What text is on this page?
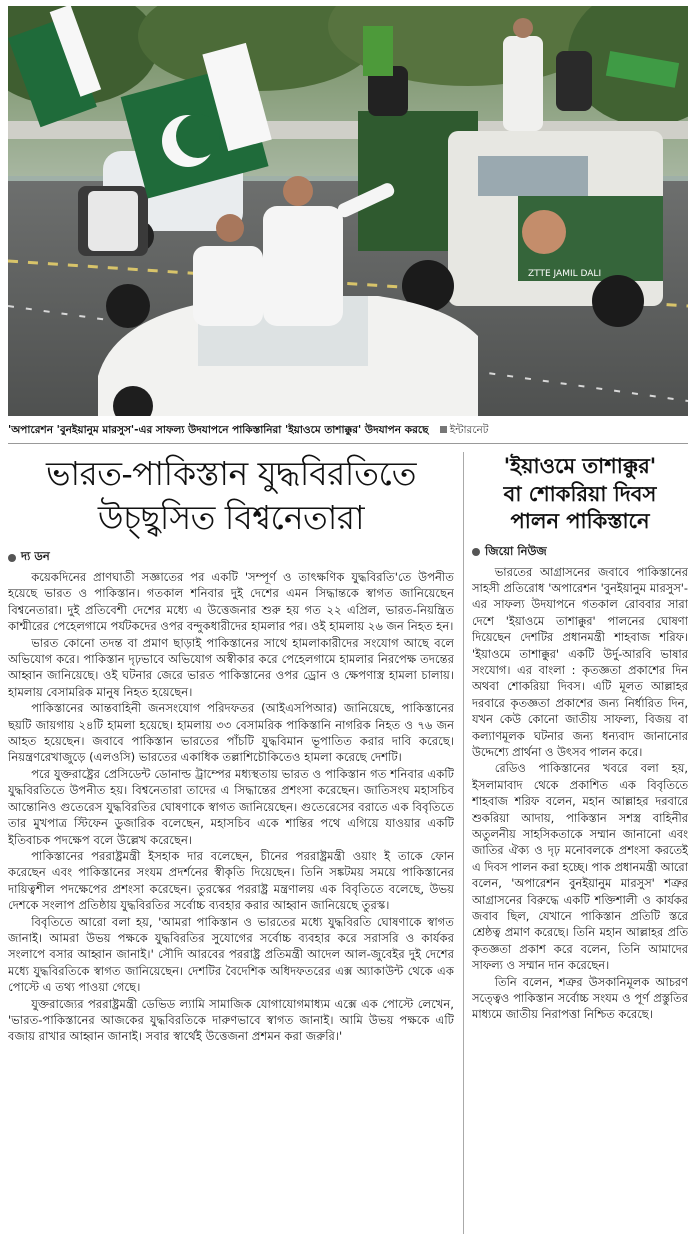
ZTTE JAMIL DALI
'অপারেশন 'বুনইয়ানুম মারসুস'-এর সাফল্য উদযাপনে পাকিস্তানিরা 'ইয়াওমে তাশাক্কুর' উদযাপন করছে ইন্টারনেট
ভারত-পাকিস্তান যুদ্ধবিরতিতে
উচ্ছ্বসিত বিশ্বনেতারা
দ্য ডন

কয়েকদিনের প্রাণঘাতী সজ্ঞাতের পর একটি 'সম্পূর্ণ ও তাৎক্ষণিক যুদ্ধবিরতি'তে উপনীত হয়েছে ভারত ও পাকিস্তান। গতকাল শনিবার দুই দেশের এমন সিদ্ধান্তকে স্বাগত জানিয়েছেন বিশ্বনেতারা। দুই প্রতিবেশী দেশের মধ্যে এ উত্তেজনার শুরু হয় গত ২২ এপ্রিল, ভারত-নিয়ন্ত্রিত কাশ্মীরের পেহেলগামে পর্যটকদের ওপর বন্দুকধারীদের হামলার পর। ওই হামলায় ২৬ জন নিহত হন।

ভারত কোনো তদন্ত বা প্রমাণ ছাড়াই পাকিস্তানের সাথে হামলাকারীদের সংযোগ আছে বলে অভিযোগ করে। পাকিস্তান দৃঢ়ভাবে অভিযোগ অস্বীকার করে পেহেলগামে হামলার নিরপেক্ষ তদন্তের আহ্বান জানিয়েছে। ওই ঘটনার জেরে ভারত পাকিস্তানের ওপর ড্রোন ও ক্ষেপণাস্ত্র হামলা চালায়। হামলায় বেসামরিক মানুষ নিহত হয়েছেন।

পাকিস্তানের আন্তবাহিনী জনসংযোগ পরিদফতর (আইএসপিআর) জানিয়েছে, পাকিস্তানের ছয়টি জায়গায় ২৪টি হামলা হয়েছে। হামলায় ৩৩ বেসামরিক পাকিস্তানি নাগরিক নিহত ও ৭৬ জন আহত হয়েছেন। জবাবে পাকিস্তান ভারতের পাঁচটি যুদ্ধবিমান ভূপাতিত করার দাবি করেছে। নিয়ন্ত্রণরেখাজুড়ে (এলওসি) ভারতের একাধিক তল্লাশিচৌকিতেও হামলা করেছে দেশটি।

পরে যুক্তরাষ্ট্রের প্রেসিডেন্ট ডোনাল্ড ট্রাম্পের মধ্যস্থতায় ভারত ও পাকিস্তান গত শনিবার একটি যুদ্ধবিরতিতে উপনীত হয়। বিশ্বনেতারা তাদের এ সিদ্ধান্তের প্রশংসা করেছেন। জাতিসংঘ মহাসচিব আন্তোনিও গুতেরেস যুদ্ধবিরতির ঘোষণাকে স্বাগত জানিয়েছেন। গুতেরেসের বরাতে এক বিবৃতিতে তার মুখপাত্র স্টিফেন ডুজারিক বলেছেন, মহাসচিব একে শান্তির পথে এগিয়ে যাওয়ার একটি ইতিবাচক পদক্ষেপ বলে উল্লেখ করেছেন।

পাকিস্তানের পররাষ্ট্রমন্ত্রী ইসহাক দার বলেছেন, চীনের পররাষ্ট্রমন্ত্রী ওয়াং ই তাকে ফোন করেছেন এবং পাকিস্তানের সংযম প্রদর্শনের স্বীকৃতি দিয়েছেন। তিনি সঙ্কটময় সময়ে পাকিস্তানের দায়িত্বশীল পদক্ষেপের প্রশংসা করেছেন। তুরস্কের পররাষ্ট্র মন্ত্রণালয় এক বিবৃতিতে বলেছে, উভয় দেশকে সংলাপ প্রতিষ্ঠায় যুদ্ধবিরতির সর্বোচ্চ ব্যবহার করার আহ্বান জানিয়েছে তুরস্ক।

বিবৃতিতে আরো বলা হয়, 'আমরা পাকিস্তান ও ভারতের মধ্যে যুদ্ধবিরতি ঘোষণাকে স্বাগত জানাই। আমরা উভয় পক্ষকে যুদ্ধবিরতির সুযোগের সর্বোচ্চ ব্যবহার করে সরাসরি ও কার্যকর সংলাপে বসার আহ্বান জানাই।' সৌদি আরবের পররাষ্ট্র প্রতিমন্ত্রী আদেল আল-জুবেইর দুই দেশের মধ্যে যুদ্ধবিরতিকে স্বাগত জানিয়েছেন। দেশটির বৈদেশিক অধিদফতরের এক্স অ্যাকাউন্ট থেকে এক পোস্টে এ তথ্য পাওয়া গেছে।

যুক্তরাজ্যের পররাষ্ট্রমন্ত্রী ডেভিড ল্যামি সামাজিক যোগাযোগমাধ্যম এক্সে এক পোস্টে লেখেন, 'ভারত-পাকিস্তানের আজকের যুদ্ধবিরতিকে দারুণভাবে স্বাগত জানাই। আমি উভয় পক্ষকে এটি বজায় রাখার আহ্বান জানাই। সবার স্বার্থেই উত্তেজনা প্রশমন করা জরুরি।'

'ইয়াওমে তাশাক্কুর'
বা শোকরিয়া দিবস
পালন পাকিস্তানে
জিয়ো নিউজ

ভারতের আগ্রাসনের জবাবে পাকিস্তানের সাহসী প্রতিরোধ 'অপারেশন 'বুনইয়ানুম মারসুস'-এর সাফল্য উদযাপনে গতকাল রোববার সারা দেশে 'ইয়াওমে তাশাক্কুর' পালনের ঘোষণা দিয়েছেন দেশটির প্রধানমন্ত্রী শাহবাজ শরিফ। 'ইয়াওমে তাশাক্কুর' একটি উর্দু-আরবি ভাষার সংযোগ। এর বাংলা : কৃতজ্ঞতা প্রকাশের দিন অথবা শোকরিয়া দিবস। এটি মূলত আল্লাহর দরবারে কৃতজ্ঞতা প্রকাশের জন্য নির্ধারিত দিন, যখন কেউ কোনো জাতীয় সাফল্য, বিজয় বা কল্যাণমূলক ঘটনার জন্য ধন্যবাদ জানানোর উদ্দেশ্যে প্রার্থনা ও উৎসব পালন করে।

রেডিও পাকিস্তানের খবরে বলা হয়, ইসলামাবাদ থেকে প্রকাশিত এক বিবৃতিতে শাহবাজ শরিফ বলেন, মহান আল্লাহর দরবারে শুকরিয়া আদায়, পাকিস্তান সশস্ত্র বাহিনীর অতুলনীয় সাহসিকতাকে সম্মান জানানো এবং জাতির ঐক্য ও দৃঢ় মনোবলকে প্রশংসা করতেই এ দিবস পালন করা হচ্ছে। পাক প্রধানমন্ত্রী আরো বলেন, 'অপারেশন বুনইয়ানুম মারসুস' শত্রুর আগ্রাসনের বিরুদ্ধে একটি শক্তিশালী ও কার্যকর জবাব ছিল, যেখানে পাকিস্তান প্রতিটি স্তরে শ্রেষ্ঠত্ব প্রমাণ করেছে। তিনি মহান আল্লাহর প্রতি কৃতজ্ঞতা প্রকাশ করে বলেন, তিনি আমাদের সাফল্য ও সম্মান দান করেছেন।

তিনি বলেন, শত্রুর উসকানিমূলক আচরণ সত্ত্বেও পাকিস্তান সর্বোচ্চ সংযম ও পূর্ণ প্রস্তুতির মাধ্যমে জাতীয় নিরাপত্তা নিশ্চিত করেছে।
